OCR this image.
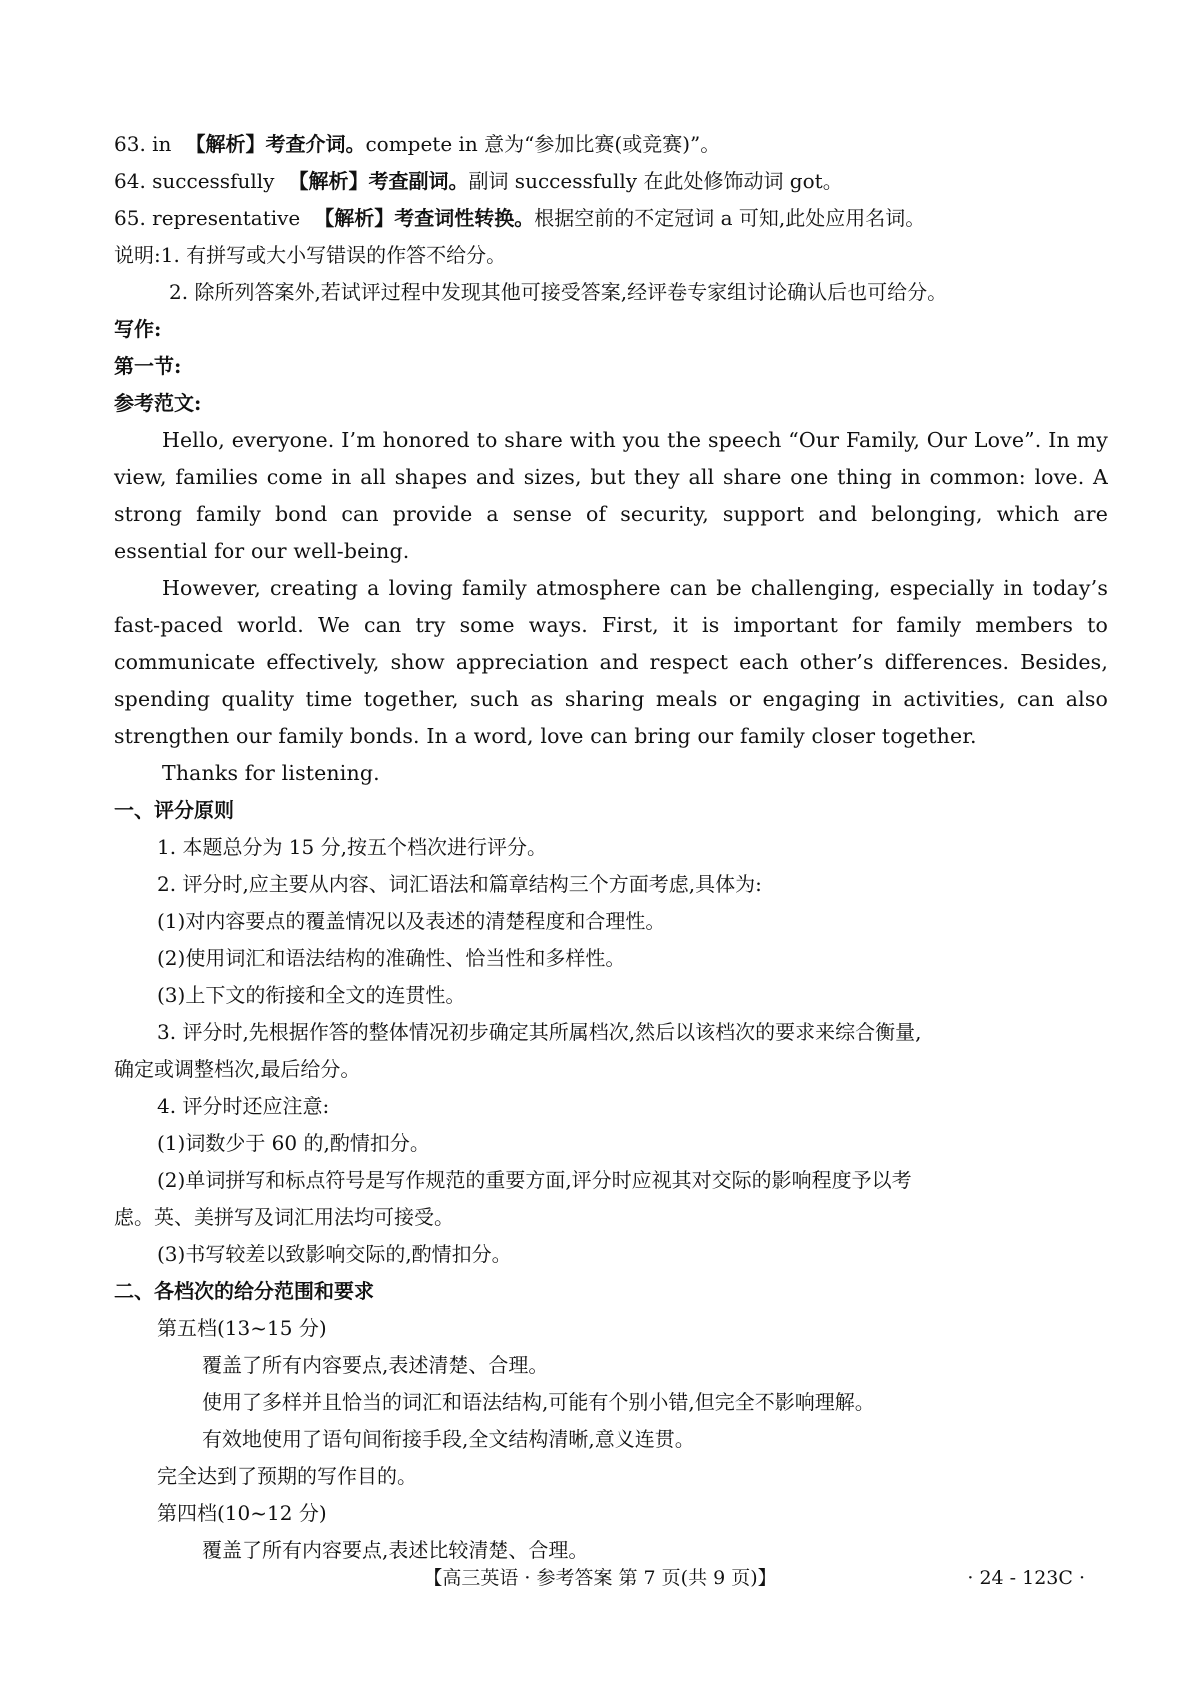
63. in 【解析】考查介词。compete in 意为“参加比赛(或竞赛)”。
64. successfully 【解析】考查副词。副词 successfully 在此处修饰动词 got。
65. representative 【解析】考查词性转换。根据空前的不定冠词 a 可知,此处应用名词。
说明:1. 有拼写或大小写错误的作答不给分。
2. 除所列答案外,若试评过程中发现其他可接受答案,经评卷专家组讨论确认后也可给分。
写作:
第一节:
参考范文:

Hello, everyone. I’m honored to share with you the speech “Our Family, Our Love”. In my view, families come in all shapes and sizes, but they all share one thing in common: love. A strong family bond can provide a sense of security, support and belonging, which are essential for our well-being.

However, creating a loving family atmosphere can be challenging, especially in today’s fast-paced world. We can try some ways. First, it is important for family members to communicate effectively, show appreciation and respect each other’s differences. Besides, spending quality time together, such as sharing meals or engaging in activities, can also strengthen our family bonds. In a word, love can bring our family closer together.

Thanks for listening.

一、评分原则
1. 本题总分为 15 分,按五个档次进行评分。
2. 评分时,应主要从内容、词汇语法和篇章结构三个方面考虑,具体为:
(1)对内容要点的覆盖情况以及表述的清楚程度和合理性。
(2)使用词汇和语法结构的准确性、恰当性和多样性。
(3)上下文的衔接和全文的连贯性。
3. 评分时,先根据作答的整体情况初步确定其所属档次,然后以该档次的要求来综合衡量,
确定或调整档次,最后给分。
4. 评分时还应注意:
(1)词数少于 60 的,酌情扣分。
(2)单词拼写和标点符号是写作规范的重要方面,评分时应视其对交际的影响程度予以考
虑。英、美拼写及词汇用法均可接受。
(3)书写较差以致影响交际的,酌情扣分。
二、各档次的给分范围和要求
第五档(13~15 分)
覆盖了所有内容要点,表述清楚、合理。
使用了多样并且恰当的词汇和语法结构,可能有个别小错,但完全不影响理解。
有效地使用了语句间衔接手段,全文结构清晰,意义连贯。
完全达到了预期的写作目的。
第四档(10~12 分)
覆盖了所有内容要点,表述比较清楚、合理。
【高三英语 · 参考答案 第 7 页(共 9 页)】	· 24 - 123C ·
